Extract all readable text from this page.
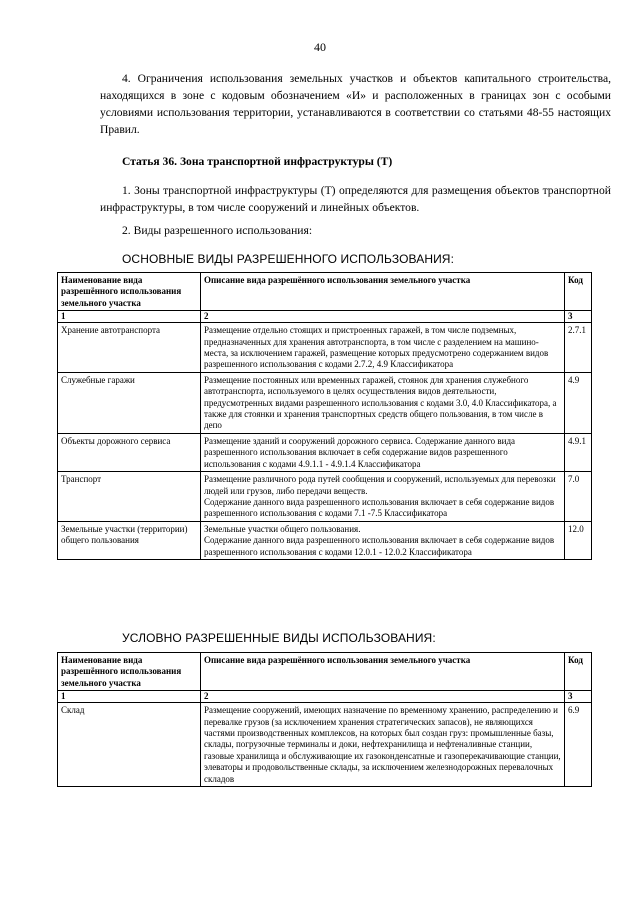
40

4. Ограничения использования земельных участков и объектов капитального строительства, находящихся в зоне с кодовым обозначением «И» и расположенных в границах зон с особыми условиями использования территории, устанавливаются в соответствии со статьями 48-55 настоящих Правил.

Статья 36. Зона транспортной инфраструктуры (Т)

1. Зоны транспортной инфраструктуры (Т) определяются для размещения объектов транспортной инфраструктуры, в том числе сооружений и линейных объектов.

2. Виды разрешенного использования:

ОСНОВНЫЕ ВИДЫ РАЗРЕШЕННОГО ИСПОЛЬЗОВАНИЯ:

Наименование вида разрешённого использования земельного участка	Описание вида разрешённого использования земельного участка	Код
1	2	3
Хранение автотранспорта	Размещение отдельно стоящих и пристроенных гаражей, в том числе подземных, предназначенных для хранения автотранспорта, в том числе с разделением на машино-места, за исключением гаражей, размещение которых предусмотрено содержанием видов разрешенного использования с кодами 2.7.2, 4.9 Классификатора	2.7.1
Служебные гаражи	Размещение постоянных или временных гаражей, стоянок для хранения служебного автотранспорта, используемого в целях осуществления видов деятельности, предусмотренных видами разрешенного использования с кодами 3.0, 4.0 Классификатора, а также для стоянки и хранения транспортных средств общего пользования, в том числе в депо	4.9
Объекты дорожного сервиса	Размещение зданий и сооружений дорожного сервиса. Содержание данного вида разрешенного использования включает в себя содержание видов разрешенного использования с кодами 4.9.1.1 - 4.9.1.4 Классификатора	4.9.1
Транспорт	Размещение различного рода путей сообщения и сооружений, используемых для перевозки людей или грузов, либо передачи веществ.
Содержание данного вида разрешенного использования включает в себя содержание видов разрешенного использования с кодами 7.1 -7.5 Классификатора	7.0
Земельные участки (территории) общего пользования	Земельные участки общего пользования.
Содержание данного вида разрешенного использования включает в себя содержание видов разрешенного использования с кодами 12.0.1 - 12.0.2 Классификатора	12.0

УСЛОВНО РАЗРЕШЕННЫЕ ВИДЫ ИСПОЛЬЗОВАНИЯ:

Наименование вида разрешённого использования земельного участка	Описание вида разрешённого использования земельного участка	Код
1	2	3
Склад	Размещение сооружений, имеющих назначение по временному хранению, распределению и перевалке грузов (за исключением хранения стратегических запасов), не являющихся частями производственных комплексов, на которых был создан груз: промышленные базы, склады, погрузочные терминалы и доки, нефтехранилища и нефтеналивные станции, газовые хранилища и обслуживающие их газоконденсатные и газоперекачивающие станции, элеваторы и продовольственные склады, за исключением железнодорожных перевалочных складов	6.9
